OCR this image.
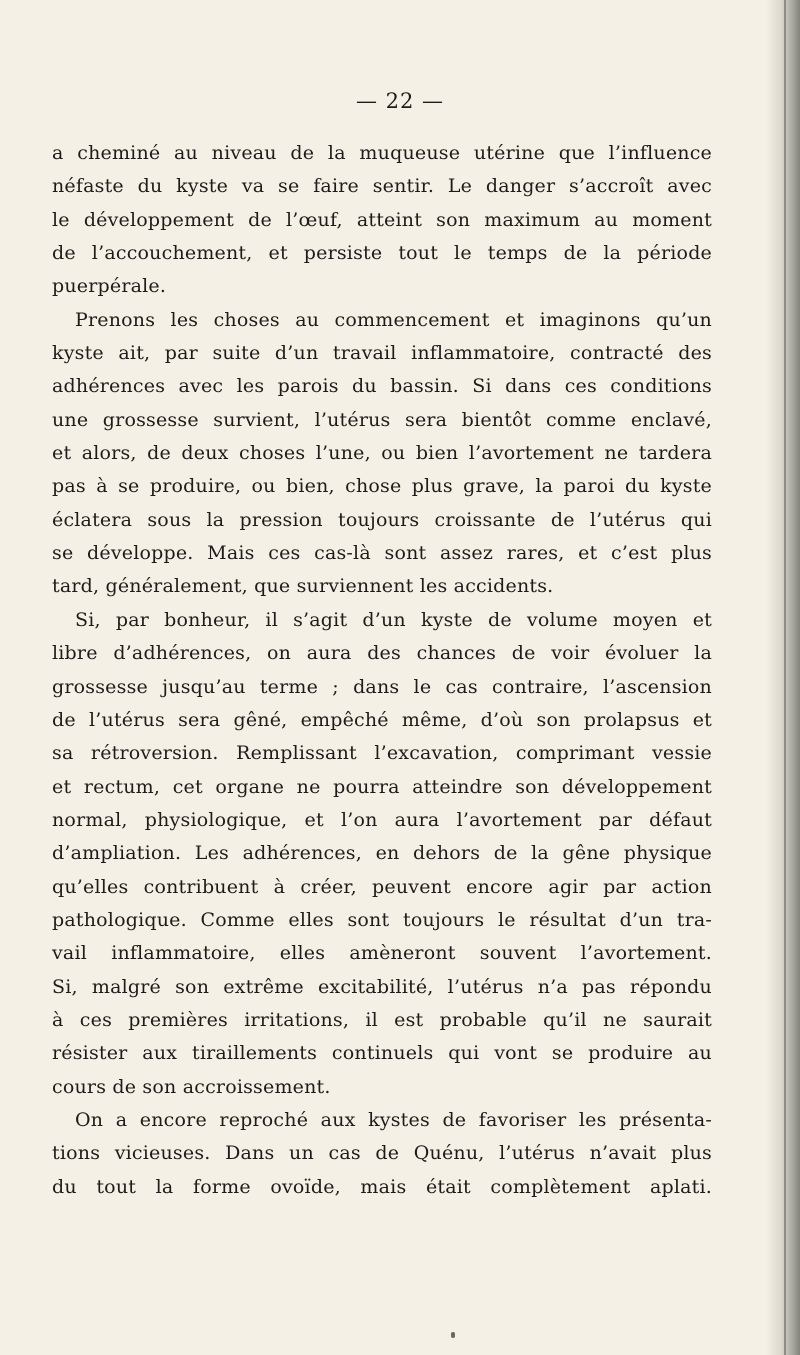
— 22 —
a cheminé au niveau de la muqueuse utérine que l’influence
néfaste du kyste va se faire sentir. Le danger s’accroît avec
le développement de l’œuf, atteint son maximum au moment
de l’accouchement, et persiste tout le temps de la période
puerpérale.
Prenons les choses au commencement et imaginons qu’un
kyste ait, par suite d’un travail inflammatoire, contracté des
adhérences avec les parois du bassin. Si dans ces conditions
une grossesse survient, l’utérus sera bientôt comme enclavé,
et alors, de deux choses l’une, ou bien l’avortement ne tardera
pas à se produire, ou bien, chose plus grave, la paroi du kyste
éclatera sous la pression toujours croissante de l’utérus qui
se développe. Mais ces cas-là sont assez rares, et c’est plus
tard, généralement, que surviennent les accidents.
Si, par bonheur, il s’agit d’un kyste de volume moyen et
libre d’adhérences, on aura des chances de voir évoluer la
grossesse jusqu’au terme ; dans le cas contraire, l’ascension
de l’utérus sera gêné, empêché même, d’où son prolapsus et
sa rétroversion. Remplissant l’excavation, comprimant vessie
et rectum, cet organe ne pourra atteindre son développement
normal, physiologique, et l’on aura l’avortement par défaut
d’ampliation. Les adhérences, en dehors de la gêne physique
qu’elles contribuent à créer, peuvent encore agir par action
pathologique. Comme elles sont toujours le résultat d’un tra-
vail inflammatoire, elles amèneront souvent l’avortement.
Si, malgré son extrême excitabilité, l’utérus n’a pas répondu
à ces premières irritations, il est probable qu’il ne saurait
résister aux tiraillements continuels qui vont se produire au
cours de son accroissement.
On a encore reproché aux kystes de favoriser les présenta-
tions vicieuses. Dans un cas de Quénu, l’utérus n’avait plus
du tout la forme ovoïde, mais était complètement aplati.
